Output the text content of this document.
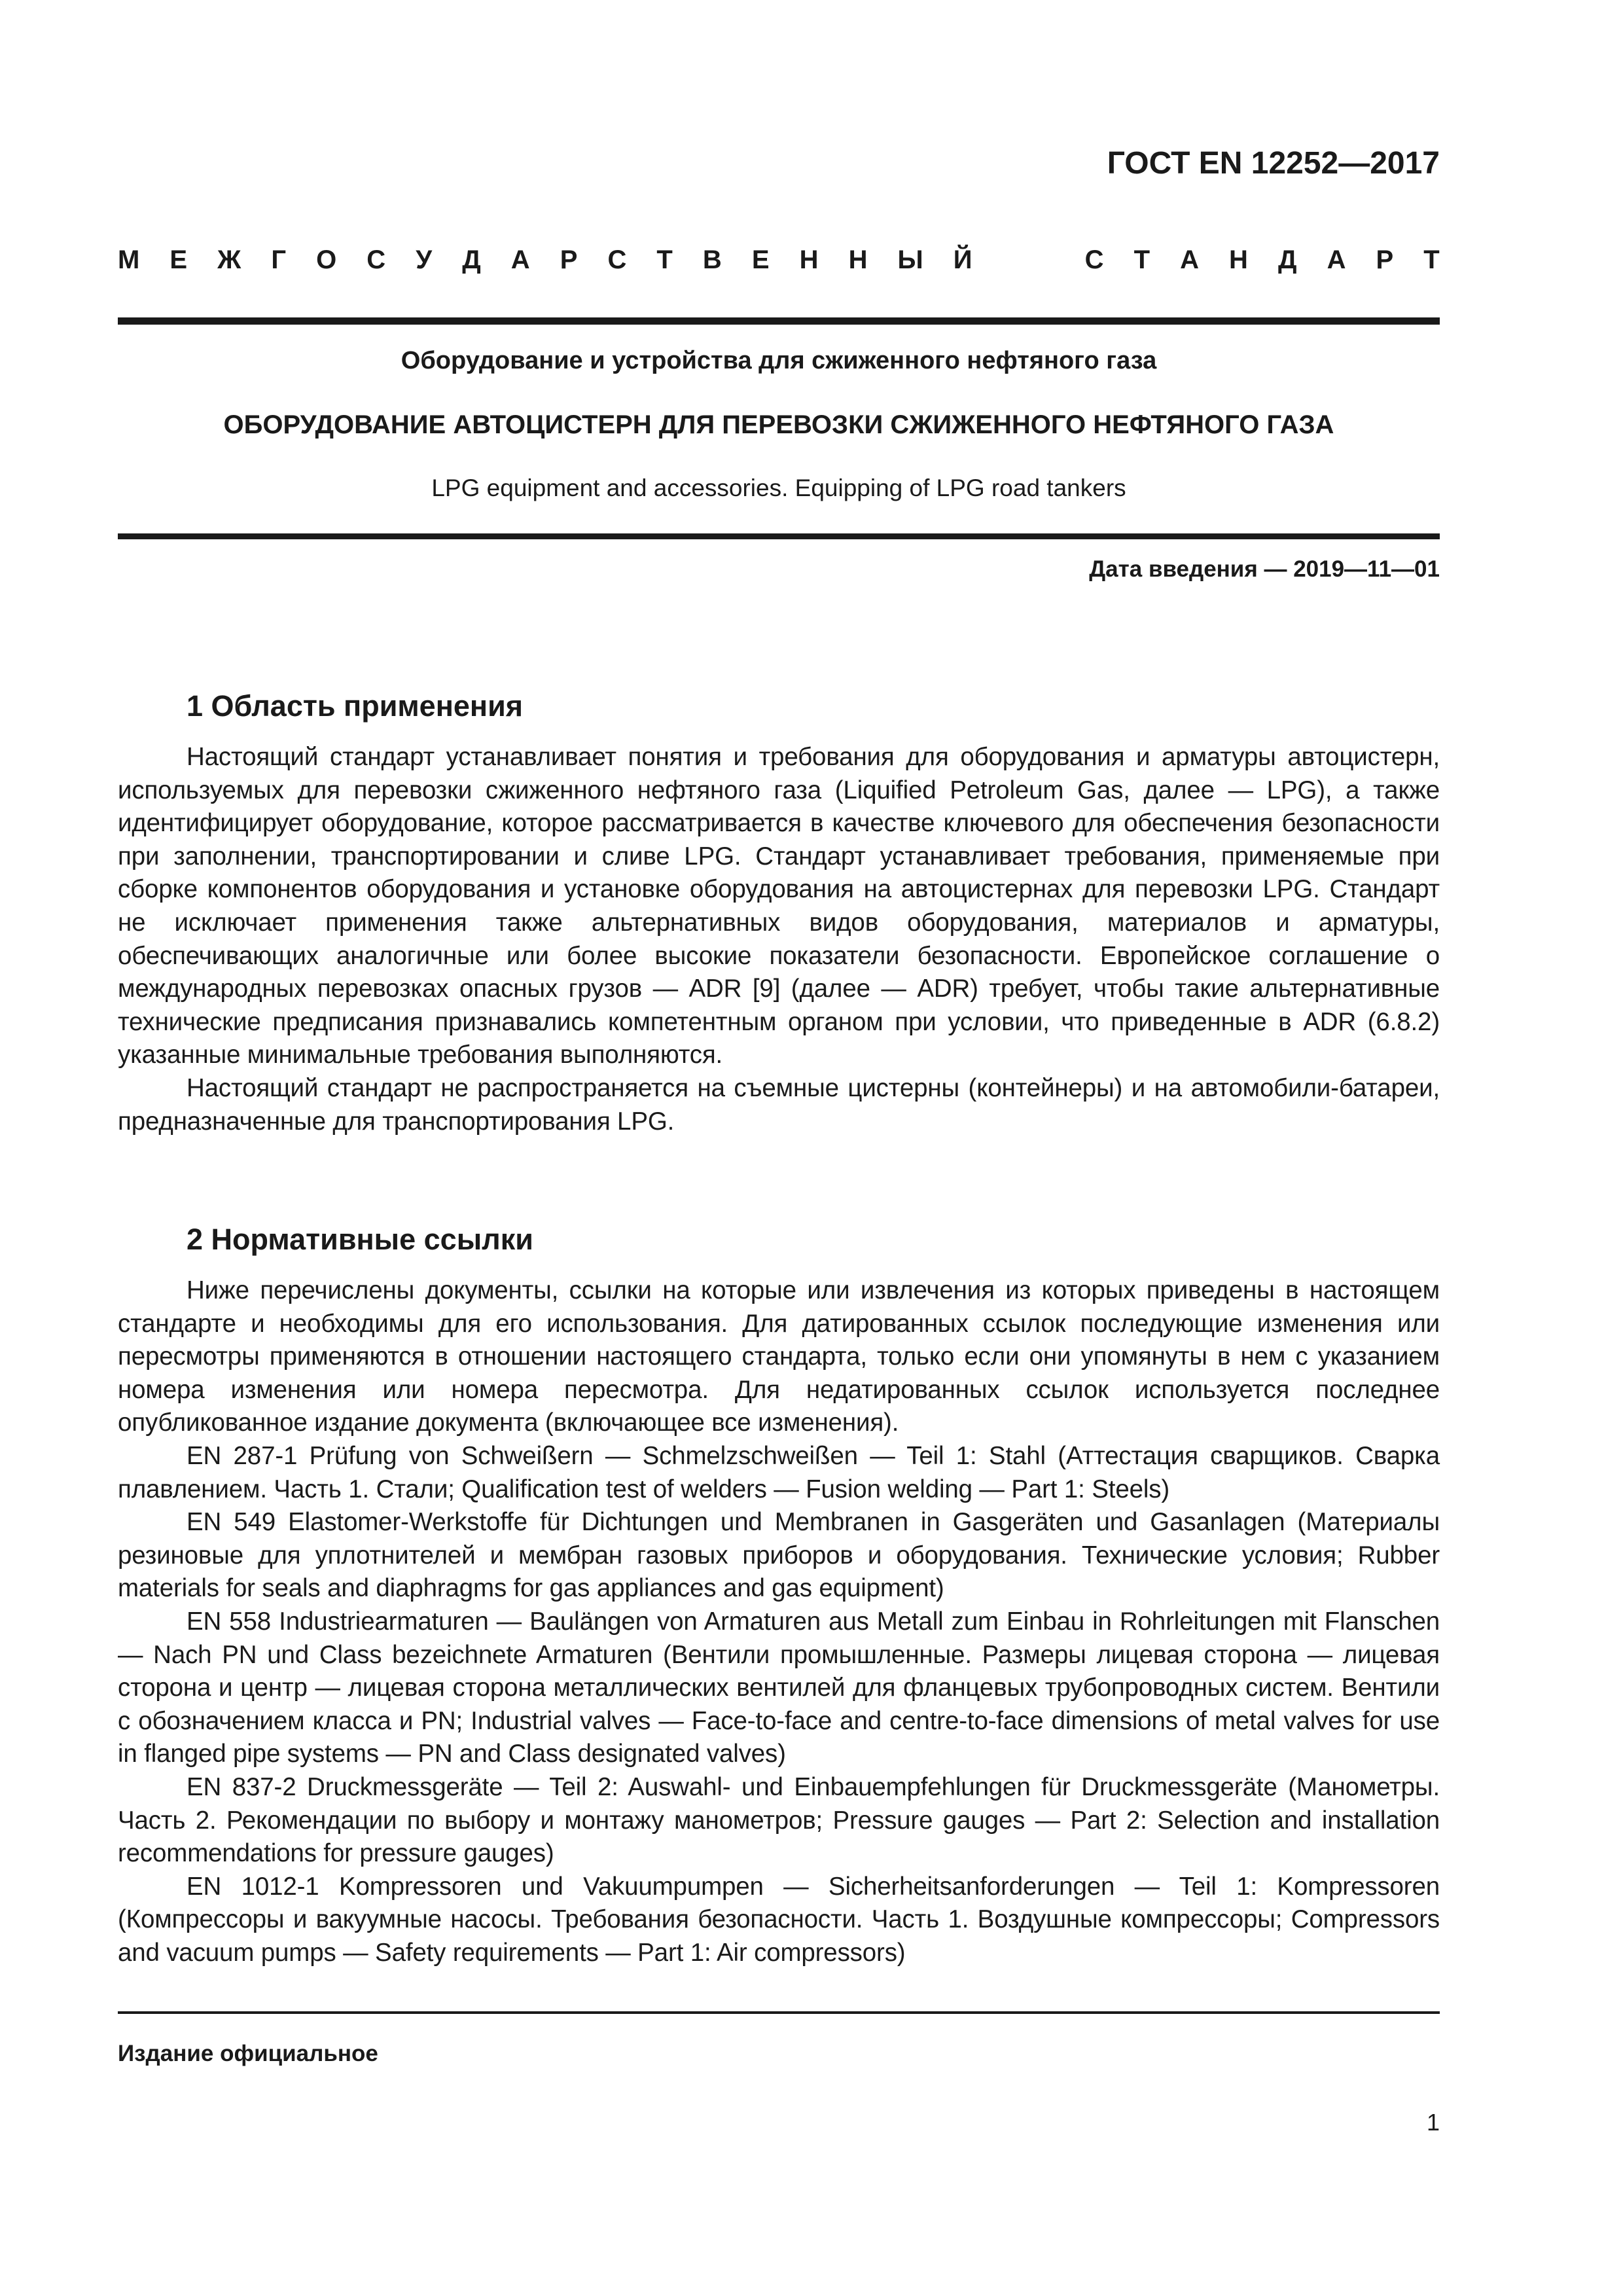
ГОСТ EN 12252—2017
М Е Ж Г О С У Д А Р С Т В Е Н Н Ы Й	С Т А Н Д А Р Т
Оборудование и устройства для сжиженного нефтяного газа
ОБОРУДОВАНИЕ АВТОЦИСТЕРН ДЛЯ ПЕРЕВОЗКИ СЖИЖЕННОГО НЕФТЯНОГО ГАЗА
LPG equipment and accessories. Equipping of LPG road tankers
Дата введения — 2019—11—01
1 Область применения

Настоящий стандарт устанавливает понятия и требования для оборудования и арматуры автоцистерн, используемых для перевозки сжиженного нефтяного газа (Liquified Petroleum Gas, далее — LPG), а также идентифицирует оборудование, которое рассматривается в качестве ключевого для обеспечения безопасности при заполнении, транспортировании и сливе LPG. Стандарт устанавливает требования, применяемые при сборке компонентов оборудования и установке оборудования на автоцистернах для перевозки LPG. Стандарт не исключает применения также альтернативных видов оборудования, материалов и арматуры, обеспечивающих аналогичные или более высокие показатели безопасности. Европейское соглашение о международных перевозках опасных грузов — ADR [9] (далее — ADR) требует, чтобы такие альтернативные технические предписания признавались компетентным органом при условии, что приведенные в ADR (6.8.2) указанные минимальные требования выполняются.

Настоящий стандарт не распространяется на съемные цистерны (контейнеры) и на автомобили-батареи, предназначенные для транспортирования LPG.

2 Нормативные ссылки

Ниже перечислены документы, ссылки на которые или извлечения из которых приведены в настоящем стандарте и необходимы для его использования. Для датированных ссылок последующие изменения или пересмотры применяются в отношении настоящего стандарта, только если они упомянуты в нем с указанием номера изменения или номера пересмотра. Для недатированных ссылок используется последнее опубликованное издание документа (включающее все изменения).

EN 287-1 Prüfung von Schweißern — Schmelzschweißen — Teil 1: Stahl (Аттестация сварщиков. Сварка плавлением. Часть 1. Стали; Qualification test of welders — Fusion welding — Part 1: Steels)

EN 549 Elastomer-Werkstoffe für Dichtungen und Membranen in Gasgeräten und Gasanlagen (Материалы резиновые для уплотнителей и мембран газовых приборов и оборудования. Технические условия; Rubber materials for seals and diaphragms for gas appliances and gas equipment)

EN 558 Industriearmaturen — Baulängen von Armaturen aus Metall zum Einbau in Rohrleitungen mit Flanschen — Nach PN und Class bezeichnete Armaturen (Вентили промышленные. Размеры лицевая сторона — лицевая сторона и центр — лицевая сторона металлических вентилей для фланцевых трубопроводных систем. Вентили с обозначением класса и PN; Industrial valves — Face-to-face and centre-to-face dimensions of metal valves for use in flanged pipe systems — PN and Class designated valves)

EN 837-2 Druckmessgeräte — Teil 2: Auswahl- und Einbauempfehlungen für Druckmessgeräte (Манометры. Часть 2. Рекомендации по выбору и монтажу манометров; Pressure gauges — Part 2: Selection and installation recommendations for pressure gauges)

EN 1012-1 Kompressoren und Vakuumpumpen — Sicherheitsanforderungen — Teil 1: Kompressoren (Компрессоры и вакуумные насосы. Требования безопасности. Часть 1. Воздушные компрессоры; Compressors and vacuum pumps — Safety requirements — Part 1: Air compressors)

Издание официальное
1
